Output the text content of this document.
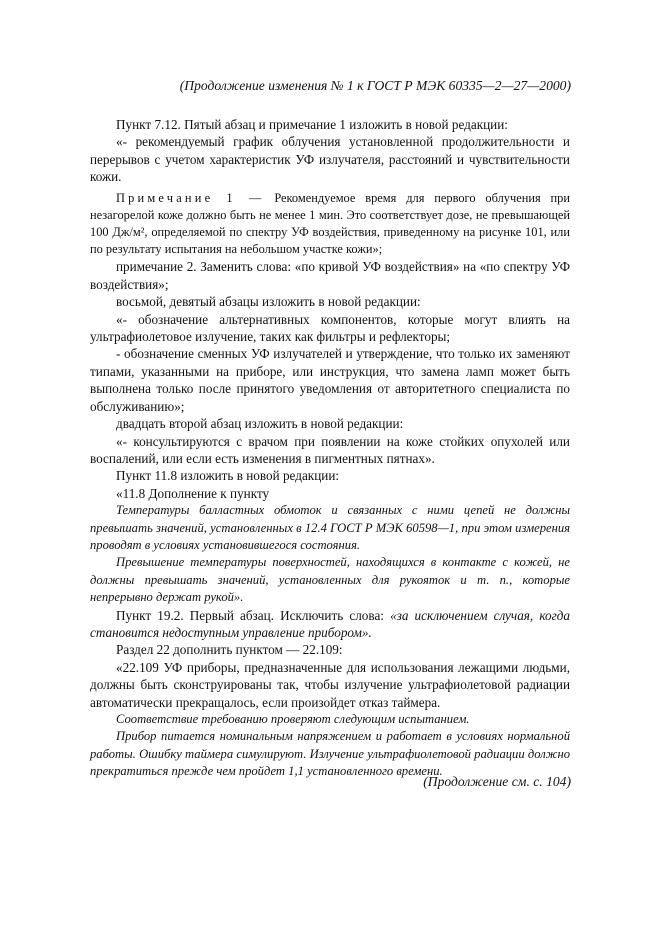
(Продолжение изменения № 1 к ГОСТ Р МЭК 60335—2—27—2000)

Пункт 7.12. Пятый абзац и примечание 1 изложить в новой редакции:

«- рекомендуемый график облучения установленной продолжительности и перерывов с учетом характеристик УФ излучателя, расстояний и чувствительности кожи.

Примечание 1 — Рекомендуемое время для первого облучения при незагорелой коже должно быть не менее 1 мин. Это соответствует дозе, не превышающей 100 Дж/м², определяемой по спектру УФ воздействия, приведенному на рисунке 101, или по результату испытания на небольшом участке кожи»;

примечание 2. Заменить слова: «по кривой УФ воздействия» на «по спектру УФ воздействия»;

восьмой, девятый абзацы изложить в новой редакции:

«- обозначение альтернативных компонентов, которые могут влиять на ультрафиолетовое излучение, таких как фильтры и рефлекторы;

- обозначение сменных УФ излучателей и утверждение, что только их заменяют типами, указанными на приборе, или инструкция, что замена ламп может быть выполнена только после принятого уведомления от авторитетного специалиста по обслуживанию»;

двадцать второй абзац изложить в новой редакции:

«- консультируются с врачом при появлении на коже стойких опухолей или воспалений, или если есть изменения в пигментных пятнах».

Пункт 11.8 изложить в новой редакции:

«11.8 Дополнение к пункту

Температуры балластных обмоток и связанных с ними цепей не должны превышать значений, установленных в 12.4 ГОСТ Р МЭК 60598—1, при этом измерения проводят в условиях установившегося состояния.

Превышение температуры поверхностей, находящихся в контакте с кожей, не должны превышать значений, установленных для рукояток и т. п., которые непрерывно держат рукой».

Пункт 19.2. Первый абзац. Исключить слова: «за исключением случая, когда становится недоступным управление прибором».

Раздел 22 дополнить пунктом — 22.109:

«22.109 УФ приборы, предназначенные для использования лежащими людьми, должны быть сконструированы так, чтобы излучение ультрафиолетовой радиации автоматически прекращалось, если произойдет отказ таймера.

Соответствие требованию проверяют следующим испытанием.

Прибор питается номинальным напряжением и работает в условиях нормальной работы. Ошибку таймера симулируют. Излучение ультрафиолетовой радиации должно прекратиться прежде чем пройдет 1,1 установленного времени.

(Продолжение см. с. 104)
